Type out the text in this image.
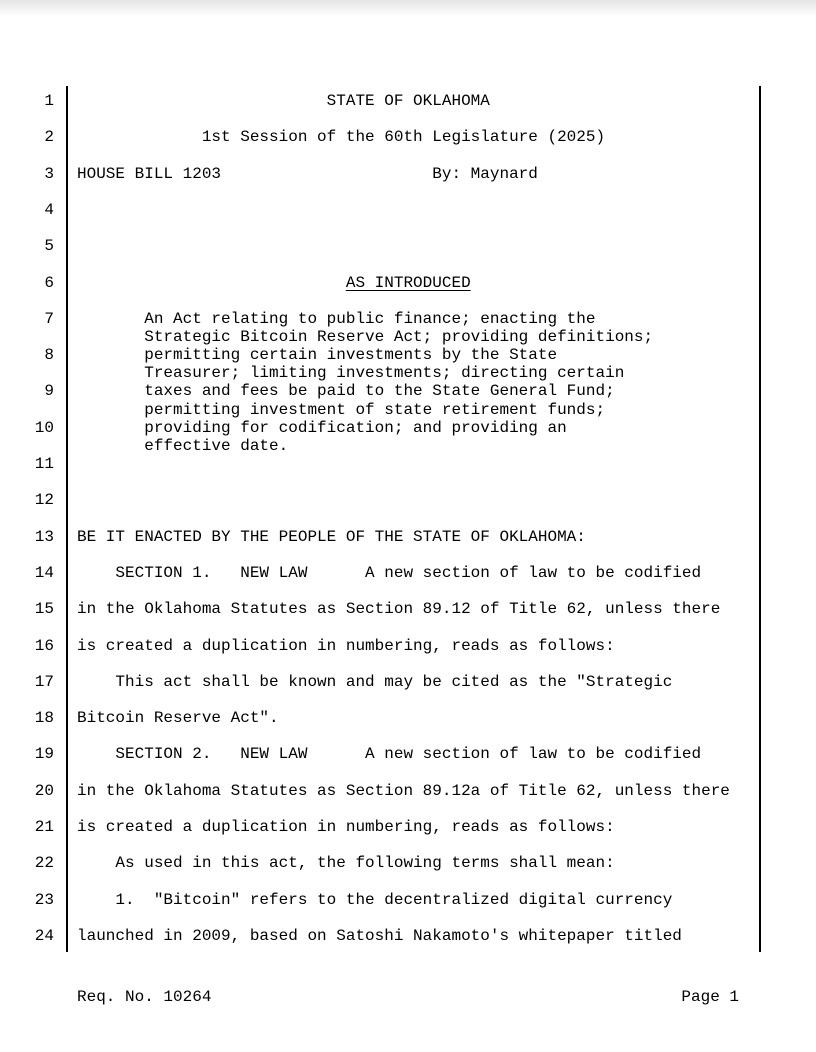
1 STATE OF OKLAHOMA
2 1st Session of the 60th Legislature (2025)
3 HOUSE BILL 1203                      By: Maynard
4
5
6	AS INTRODUCED
7 An Act relating to public finance; enacting the
Strategic Bitcoin Reserve Act; providing definitions;
8 permitting certain investments by the State
Treasurer; limiting investments; directing certain
9 taxes and fees be paid to the State General Fund;
permitting investment of state retirement funds;
10 providing for codification; and providing an
effective date.
11
12
13 BE IT ENACTED BY THE PEOPLE OF THE STATE OF OKLAHOMA:
14 SECTION 1.   NEW LAW      A new section of law to be codified
15 in the Oklahoma Statutes as Section 89.12 of Title 62, unless there
16 is created a duplication in numbering, reads as follows:
17 This act shall be known and may be cited as the "Strategic
18 Bitcoin Reserve Act".
19 SECTION 2.   NEW LAW      A new section of law to be codified
20 in the Oklahoma Statutes as Section 89.12a of Title 62, unless there
21 is created a duplication in numbering, reads as follows:
22 As used in this act, the following terms shall mean:
23 1.  "Bitcoin" refers to the decentralized digital currency
24 launched in 2009, based on Satoshi Nakamoto's whitepaper titled
Req. No. 10264	Page 1
